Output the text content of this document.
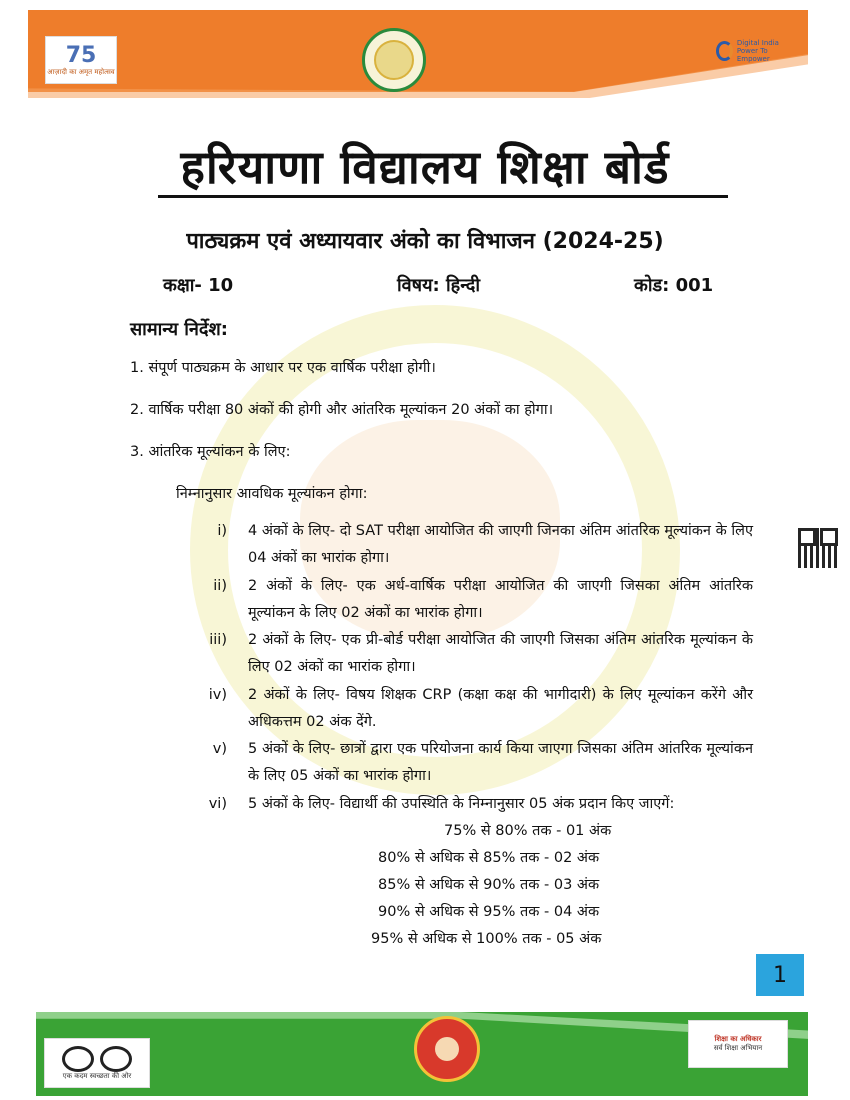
75
आज़ादी का अमृत महोत्सव
Digital India
Power To Empower
हरियाणा विद्यालय शिक्षा बोर्ड
पाठ्यक्रम एवं अध्यायवार अंको का विभाजन (2024-25)
कक्षा- 10	विषय: हिन्दी	कोड: 001
सामान्य निर्देश:
1. संपूर्ण पाठ्यक्रम के आधार पर एक वार्षिक परीक्षा होगी।
2. वार्षिक परीक्षा 80 अंकों की होगी और आंतरिक मूल्यांकन 20 अंकों का होगा।
3. आंतरिक मूल्यांकन के लिए:
निम्नानुसार आवधिक मूल्यांकन होगा:
i) 4 अंकों के लिए- दो SAT परीक्षा आयोजित की जाएगी जिनका अंतिम आंतरिक मूल्यांकन के लिए 04 अंकों का भारांक होगा।
ii) 2 अंकों के लिए- एक अर्ध-वार्षिक परीक्षा आयोजित की जाएगी जिसका अंतिम आंतरिक मूल्यांकन के लिए 02 अंकों का भारांक होगा।
iii) 2 अंकों के लिए- एक प्री-बोर्ड परीक्षा आयोजित की जाएगी जिसका अंतिम आंतरिक मूल्यांकन के लिए 02 अंकों का भारांक होगा।
iv) 2 अंकों के लिए- विषय शिक्षक CRP (कक्षा कक्ष की भागीदारी) के लिए मूल्यांकन करेंगे और अधिकत्तम 02 अंक देंगे.
v) 5 अंकों के लिए- छात्रों द्वारा एक परियोजना कार्य किया जाएगा जिसका अंतिम आंतरिक मूल्यांकन के लिए 05 अंकों का भारांक होगा।
vi) 5 अंकों के लिए- विद्यार्थी की उपस्थिति के निम्नानुसार 05 अंक प्रदान किए जाएगें:
75% से 80% तक - 01 अंक
80% से अधिक से 85% तक - 02 अंक
85% से अधिक से 90% तक - 03 अंक
90% से अधिक से 95% तक - 04 अंक
95% से अधिक से 100% तक - 05 अंक
1
एक कदम स्वच्छता की ओर
शिक्षा का अधिकार
सर्व शिक्षा अभियान
